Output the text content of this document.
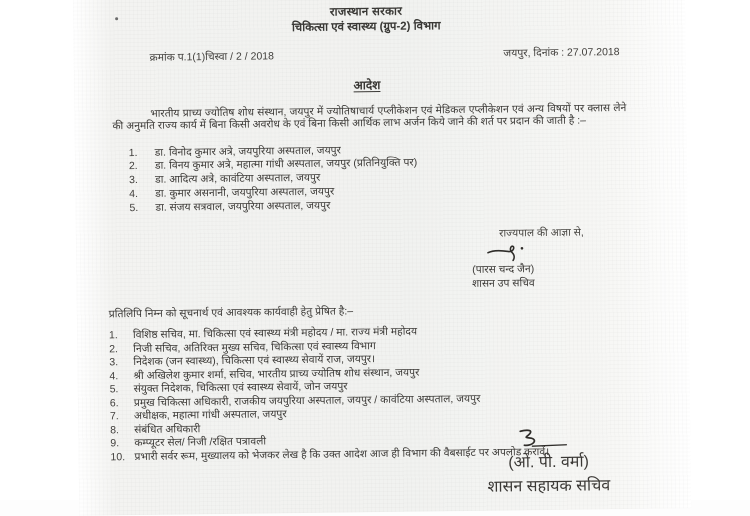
राजस्थान सरकार
चिकित्सा एवं स्वास्थ्य (ग्रुप-2) विभाग
क्रमांक प.1(1)चिस्वा / 2 / 2018	जयपुर, दिनांक : 27.07.2018
आदेश
भारतीय प्राच्य ज्योतिष शोध संस्थान, जयपुर में ज्योतिषाचार्य एप्लीकेशन एवं मेडिकल एप्लीकेशन एवं अन्य विषयों पर क्लास लेने की अनुमति राज्य कार्य में बिना किसी अवरोध के एवं बिना किसी आर्थिक लाभ अर्जन किये जाने की शर्त पर प्रदान की जाती है :–
1.	डा. विनोद कुमार अत्रे, जयपुरिया अस्पताल, जयपुर
2.	डा. विनय कुमार अत्रे, महात्मा गांधी अस्पताल, जयपुर (प्रतिनियुक्ति पर)
3.	डा. आदित्य अत्रे, कावंटिया अस्पताल, जयपुर
4.	डा. कुमार असनानी, जयपुरिया अस्पताल, जयपुर
5.	डा. संजय सत्रवाल, जयपुरिया अस्पताल, जयपुर
राज्यपाल की आज्ञा से,
(पारस चन्द जैन)
शासन उप सचिव
प्रतिलिपि निम्न को सूचनार्थ एवं आवश्यक कार्यवाही हेतु प्रेषित है:–
1.	विशिष्ठ सचिव, मा. चिकित्सा एवं स्वास्थ्य मंत्री महोदय / मा. राज्य मंत्री महोदय
2.	निजी सचिव, अतिरिक्त मुख्य सचिव, चिकित्सा एवं स्वास्थ्य विभाग
3.	निदेशक (जन स्वास्थ्य), चिकित्सा एवं स्वास्थ्य सेवायें राज, जयपुर।
4.	श्री अखिलेश कुमार शर्मा, सचिव, भारतीय प्राच्य ज्योतिष शोध संस्थान, जयपुर
5.	संयुक्त निदेशक, चिकित्सा एवं स्वास्थ्य सेवायें, जोन जयपुर
6.	प्रमुख चिकित्सा अधिकारी, राजकीय जयपुरिया अस्पताल, जयपुर / कावंटिया अस्पताल, जयपुर
7.	अधीक्षक, महात्मा गांधी अस्पताल, जयपुर
8.	संबंधित अधिकारी
9.	कम्प्यूटर सेल/ निजी /रक्षित पत्रावली
10. प्रभारी सर्वर रूम, मुख्यालय को भेजकर लेख है कि उक्त आदेश आज ही विभाग की वैबसाईट पर अपलोड करावें।
(ओ. पी. वर्मा)
शासन सहायक सचिव
